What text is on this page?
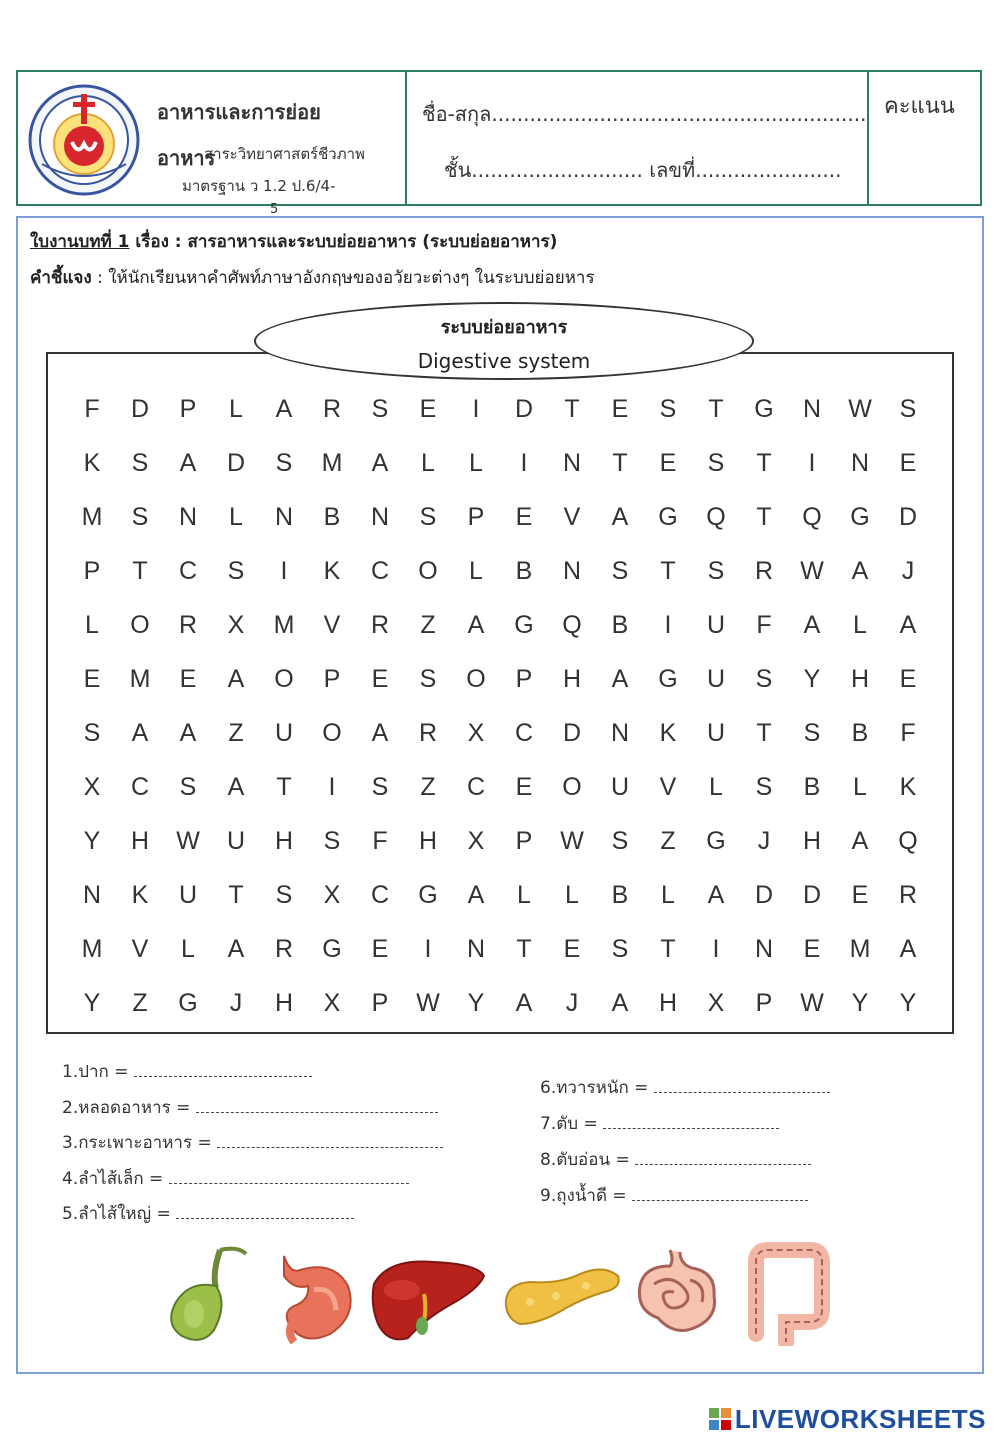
อาหารและการย่อย
อาหาร
สาระวิทยาศาสตร์ชีวภาพ
มาตรฐาน ว 1.2 ป.6/4-
5
ชื่อ-สกุล...........................................................
ชั้น........................... เลขที่.......................
คะแนน
ใบงานบทที่ 1 เรื่อง : สารอาหารและระบบย่อยอาหาร (ระบบย่อยอาหาร)
คำชี้แจง : ให้นักเรียนหาคำศัพท์ภาษาอังกฤษของอวัยวะต่างๆ ในระบบย่อยหาร
ระบบย่อยอาหาร
Digestive system
F	D	P	L	A	R	S	E	I	D	T	E	S	T	G	N	W	S
K	S	A	D	S	M	A	L	L	I	N	T	E	S	T	I	N	E
M	S	N	L	N	B	N	S	P	E	V	A	G	Q	T	Q	G	D
P	T	C	S	I	K	C	O	L	B	N	S	T	S	R	W	A	J
L	O	R	X	M	V	R	Z	A	G	Q	B	I	U	F	A	L	A
E	M	E	A	O	P	E	S	O	P	H	A	G	U	S	Y	H	E
S	A	A	Z	U	O	A	R	X	C	D	N	K	U	T	S	B	F
X	C	S	A	T	I	S	Z	C	E	O	U	V	L	S	B	L	K
Y	H	W	U	H	S	F	H	X	P	W	S	Z	G	J	H	A	Q
N	K	U	T	S	X	C	G	A	L	L	B	L	A	D	D	E	R
M	V	L	A	R	G	E	I	N	T	E	S	T	I	N	E	M	A
Y	Z	G	J	H	X	P	W	Y	A	J	A	H	X	P	W	Y	Y
1.ปาก =
2.หลอดอาหาร =
3.กระเพาะอาหาร =
4.ลำไส้เล็ก =
5.ลำไส้ใหญ่ =
6.ทวารหนัก =
7.ตับ =
8.ตับอ่อน =
9.ถุงน้ำดี =
LIVEWORKSHEETS
